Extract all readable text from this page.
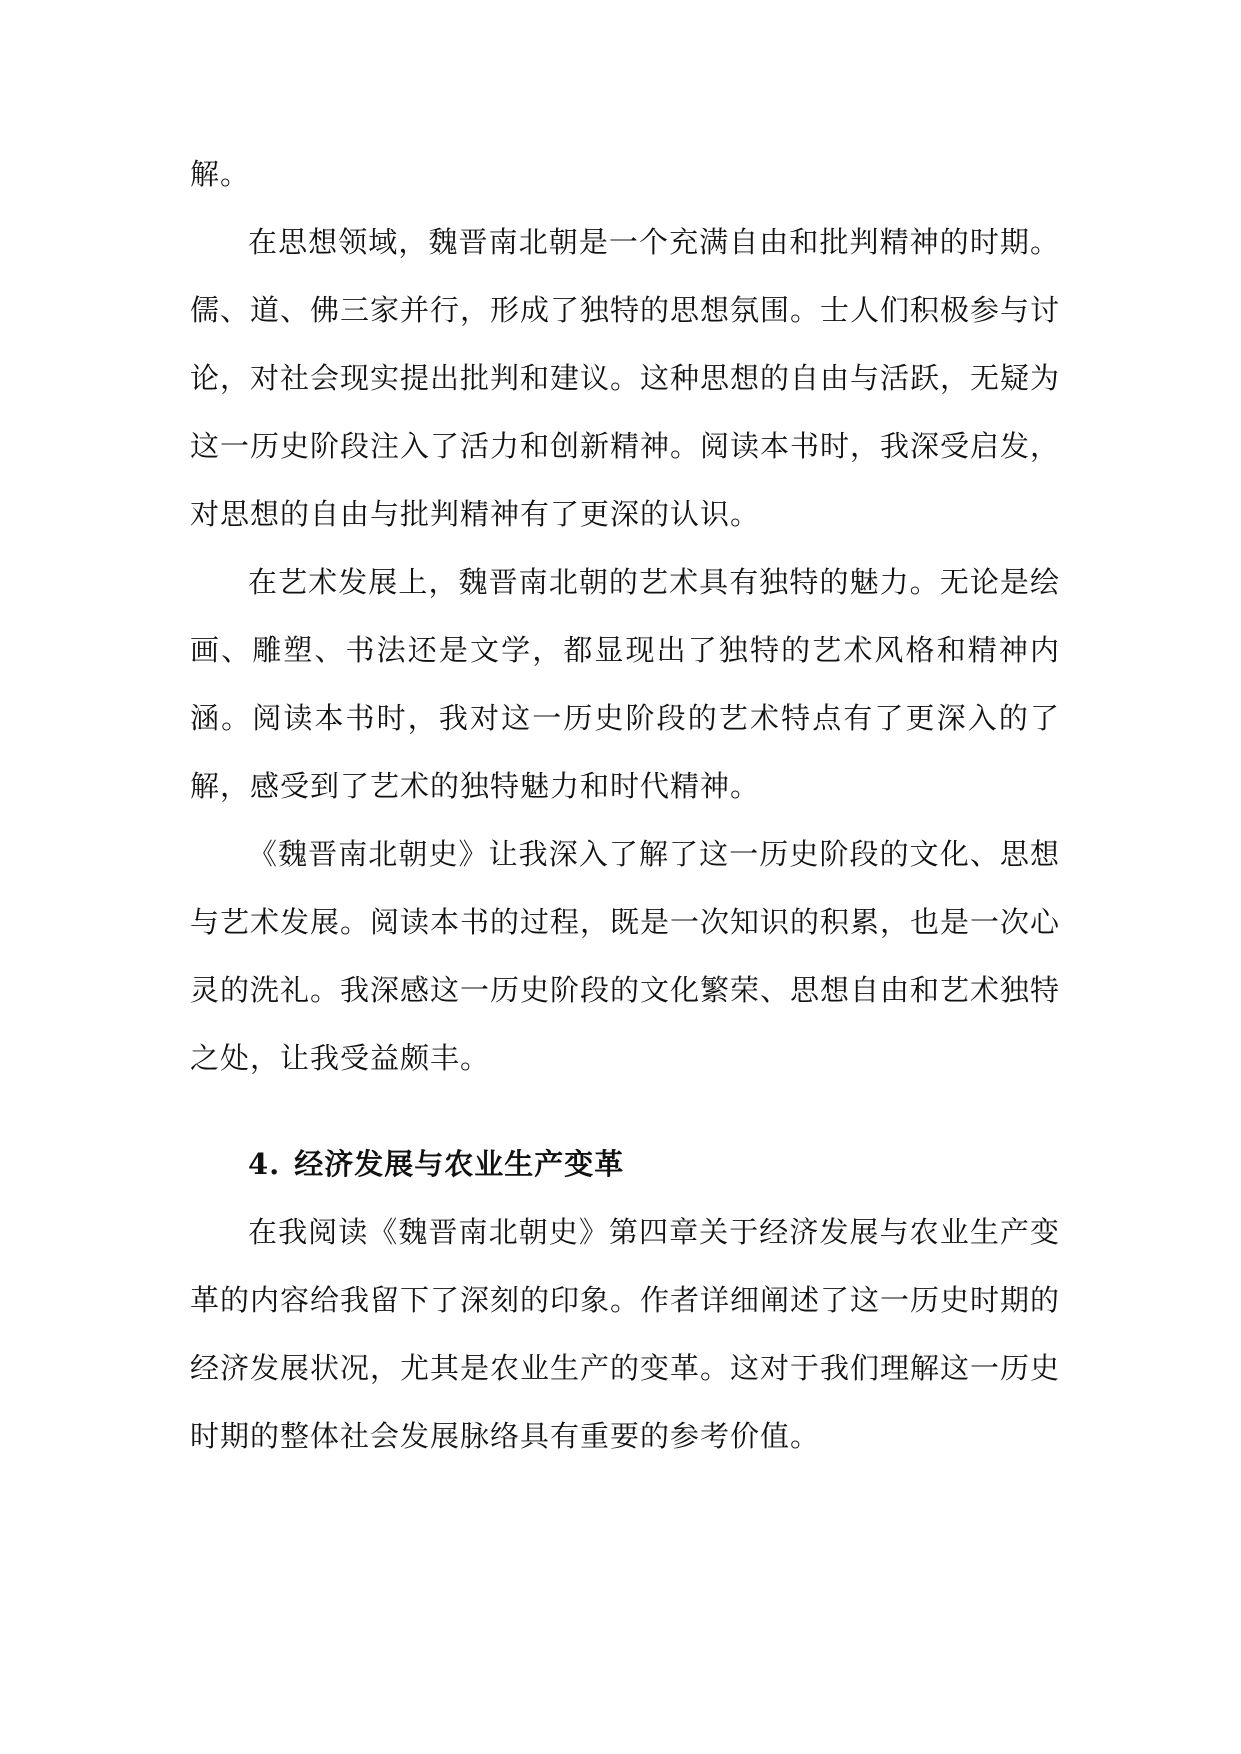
解。

在思想领域，魏晋南北朝是一个充满自由和批判精神的时期。儒、道、佛三家并行，形成了独特的思想氛围。士人们积极参与讨论，对社会现实提出批判和建议。这种思想的自由与活跃，无疑为这一历史阶段注入了活力和创新精神。阅读本书时，我深受启发，对思想的自由与批判精神有了更深的认识。

在艺术发展上，魏晋南北朝的艺术具有独特的魅力。无论是绘画、雕塑、书法还是文学，都显现出了独特的艺术风格和精神内涵。阅读本书时，我对这一历史阶段的艺术特点有了更深入的了解，感受到了艺术的独特魅力和时代精神。

《魏晋南北朝史》让我深入了解了这一历史阶段的文化、思想与艺术发展。阅读本书的过程，既是一次知识的积累，也是一次心灵的洗礼。我深感这一历史阶段的文化繁荣、思想自由和艺术独特之处，让我受益颇丰。

4. 经济发展与农业生产变革

在我阅读《魏晋南北朝史》第四章关于经济发展与农业生产变革的内容给我留下了深刻的印象。作者详细阐述了这一历史时期的经济发展状况，尤其是农业生产的变革。这对于我们理解这一历史时期的整体社会发展脉络具有重要的参考价值。
